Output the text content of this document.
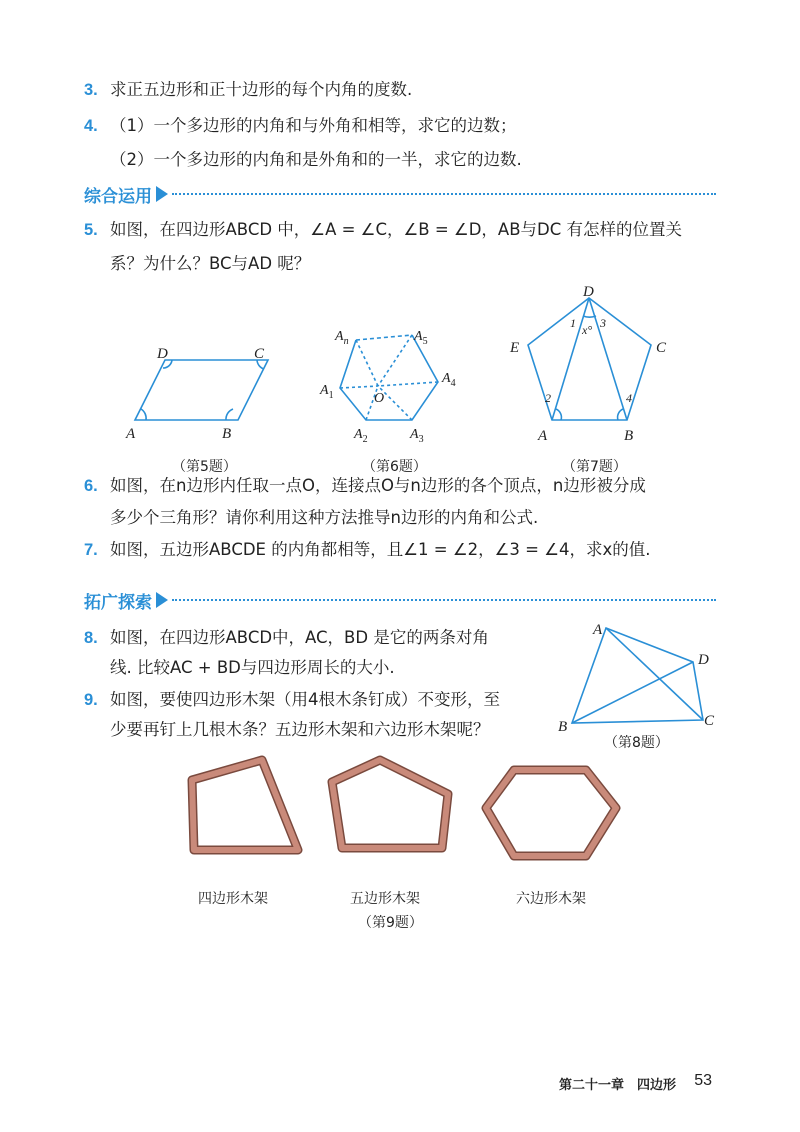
3. 求正五边形和正十边形的每个内角的度数.
4. （1）一个多边形的内角和与外角和相等，求它的边数；
（2）一个多边形的内角和是外角和的一半，求它的边数.
综合运用
5. 如图，在四边形ABCD 中，∠A = ∠C，∠B = ∠D，AB与DC 有怎样的位置关
系？为什么？BC与AD 呢？
D	C
A	B
$A_n$	$A_5$
$A_4$
$A_1$
$A_2$	$A_3$
O
D
E	C
A	B
1 3
x°
2	4
（第5题）	（第6题）	（第7题）
6. 如图，在n边形内任取一点O，连接点O与n边形的各个顶点，n边形被分成
多少个三角形？请你利用这种方法推导n边形的内角和公式.
7. 如图，五边形ABCDE 的内角都相等，且∠1 = ∠2，∠3 = ∠4，求x的值.
拓广探索
8. 如图，在四边形ABCD中，AC，BD 是它的两条对角
线. 比较AC + BD与四边形周长的大小.
9. 如图，要使四边形木架（用4根木条钉成）不变形，至
少要再钉上几根木条？五边形木架和六边形木架呢？
A
D
C
B
（第8题）
四边形木架	五边形木架	六边形木架
（第9题）
第二十一章　四边形 53
